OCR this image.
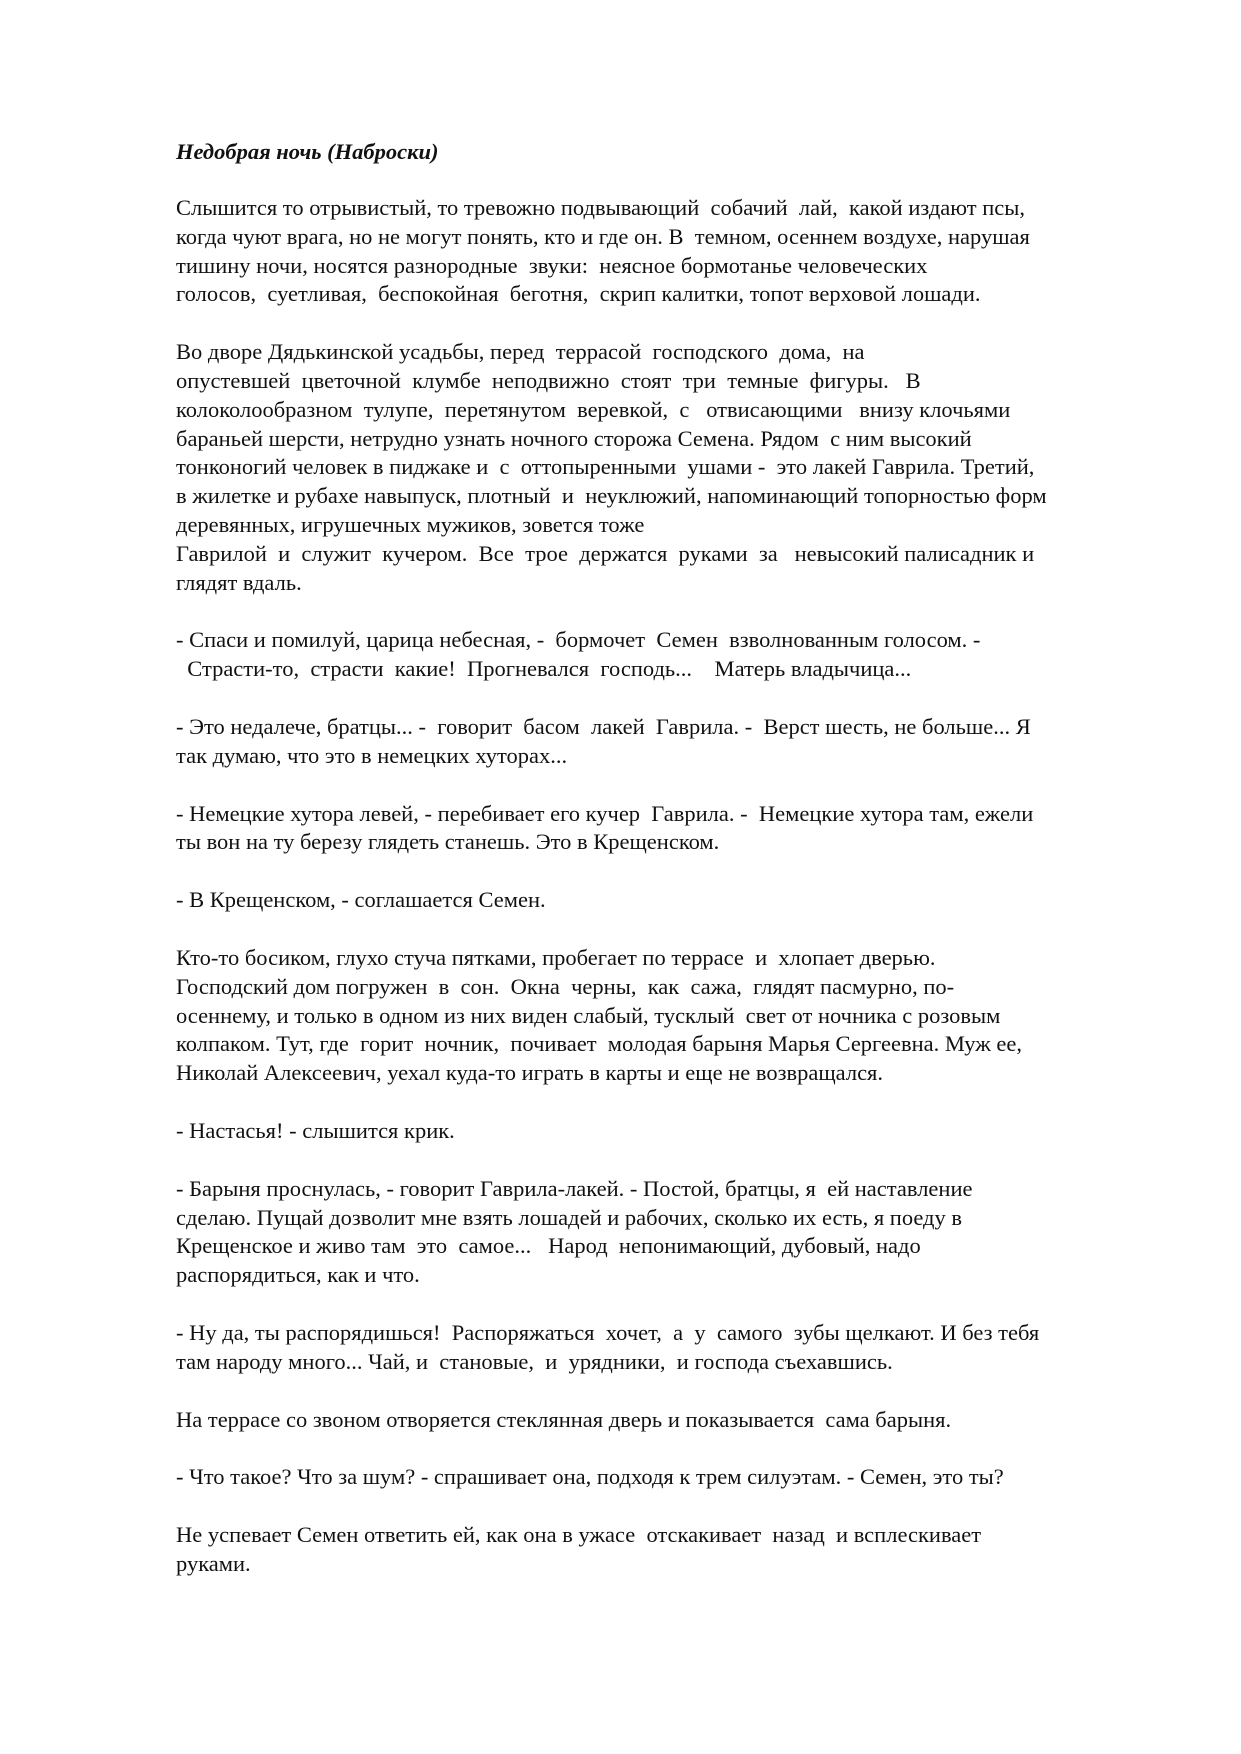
Недобрая ночь (Наброски)
Слышится то отрывистый, то тревожно подвывающий  собачий  лай,  какой издают псы,
когда чуют врага, но не могут понять, кто и где он. В  темном, осеннем воздухе, нарушая
тишину ночи, носятся разнородные  звуки:  неясное бормотанье человеческих
голосов,  суетливая,  беспокойная  беготня,  скрип калитки, топот верховой лошади.
Во дворе Дядькинской усадьбы, перед  террасой  господского  дома,  на
опустевшей  цветочной  клумбе  неподвижно  стоят  три  темные  фигуры.   В
колоколообразном  тулупе,  перетянутом  веревкой,  с   отвисающими   внизу клочьями
бараньей шерсти, нетрудно узнать ночного сторожа Семена. Рядом  с ним высокий
тонконогий человек в пиджаке и  с  оттопыренными  ушами -  это лакей Гаврила. Третий,
в жилетке и рубахе навыпуск, плотный  и  неуклюжий, напоминающий топорностью форм
деревянных, игрушечных мужиков, зовется тоже
Гаврилой  и  служит  кучером.  Все  трое  держатся  руками  за   невысокий палисадник и
глядят вдаль.
- Спаси и помилуй, царица небесная, -  бормочет  Семен  взволнованным голосом. -
Страсти-то,  страсти  какие!  Прогневался  господь...    Матерь владычица...
- Это недалече, братцы... -  говорит  басом  лакей  Гаврила. -  Верст шесть, не больше... Я
так думаю, что это в немецких хуторах...
- Немецкие хутора левей, - перебивает его кучер  Гаврила. -  Немецкие хутора там, ежели
ты вон на ту березу глядеть станешь. Это в Крещенском.
- В Крещенском, - соглашается Семен.
Кто-то босиком, глухо стуча пятками, пробегает по террасе  и  хлопает дверью.
Господский дом погружен  в  сон.  Окна  черны,  как  сажа,  глядят пасмурно, по-
осеннему, и только в одном из них виден слабый, тусклый  свет от ночника с розовым
колпаком. Тут, где  горит  ночник,  почивает  молодая барыня Марья Сергеевна. Муж ее,
Николай Алексеевич, уехал куда-то играть в карты и еще не возвращался.
- Настасья! - слышится крик.
- Барыня проснулась, - говорит Гаврила-лакей. - Постой, братцы, я  ей наставление
сделаю. Пущай дозволит мне взять лошадей и рабочих, сколько их есть, я поеду в
Крещенское и живо там  это  самое...   Народ  непонимающий, дубовый, надо
распорядиться, как и что.
- Ну да, ты распорядишься!  Распоряжаться  хочет,  а  у  самого  зубы щелкают. И без тебя
там народу много... Чай, и  становые,  и  урядники,  и господа съехавшись.
На террасе со звоном отворяется стеклянная дверь и показывается  сама барыня.
- Что такое? Что за шум? - спрашивает она, подходя к трем силуэтам. - Семен, это ты?
Не успевает Семен ответить ей, как она в ужасе  отскакивает  назад  и всплескивает
руками.
